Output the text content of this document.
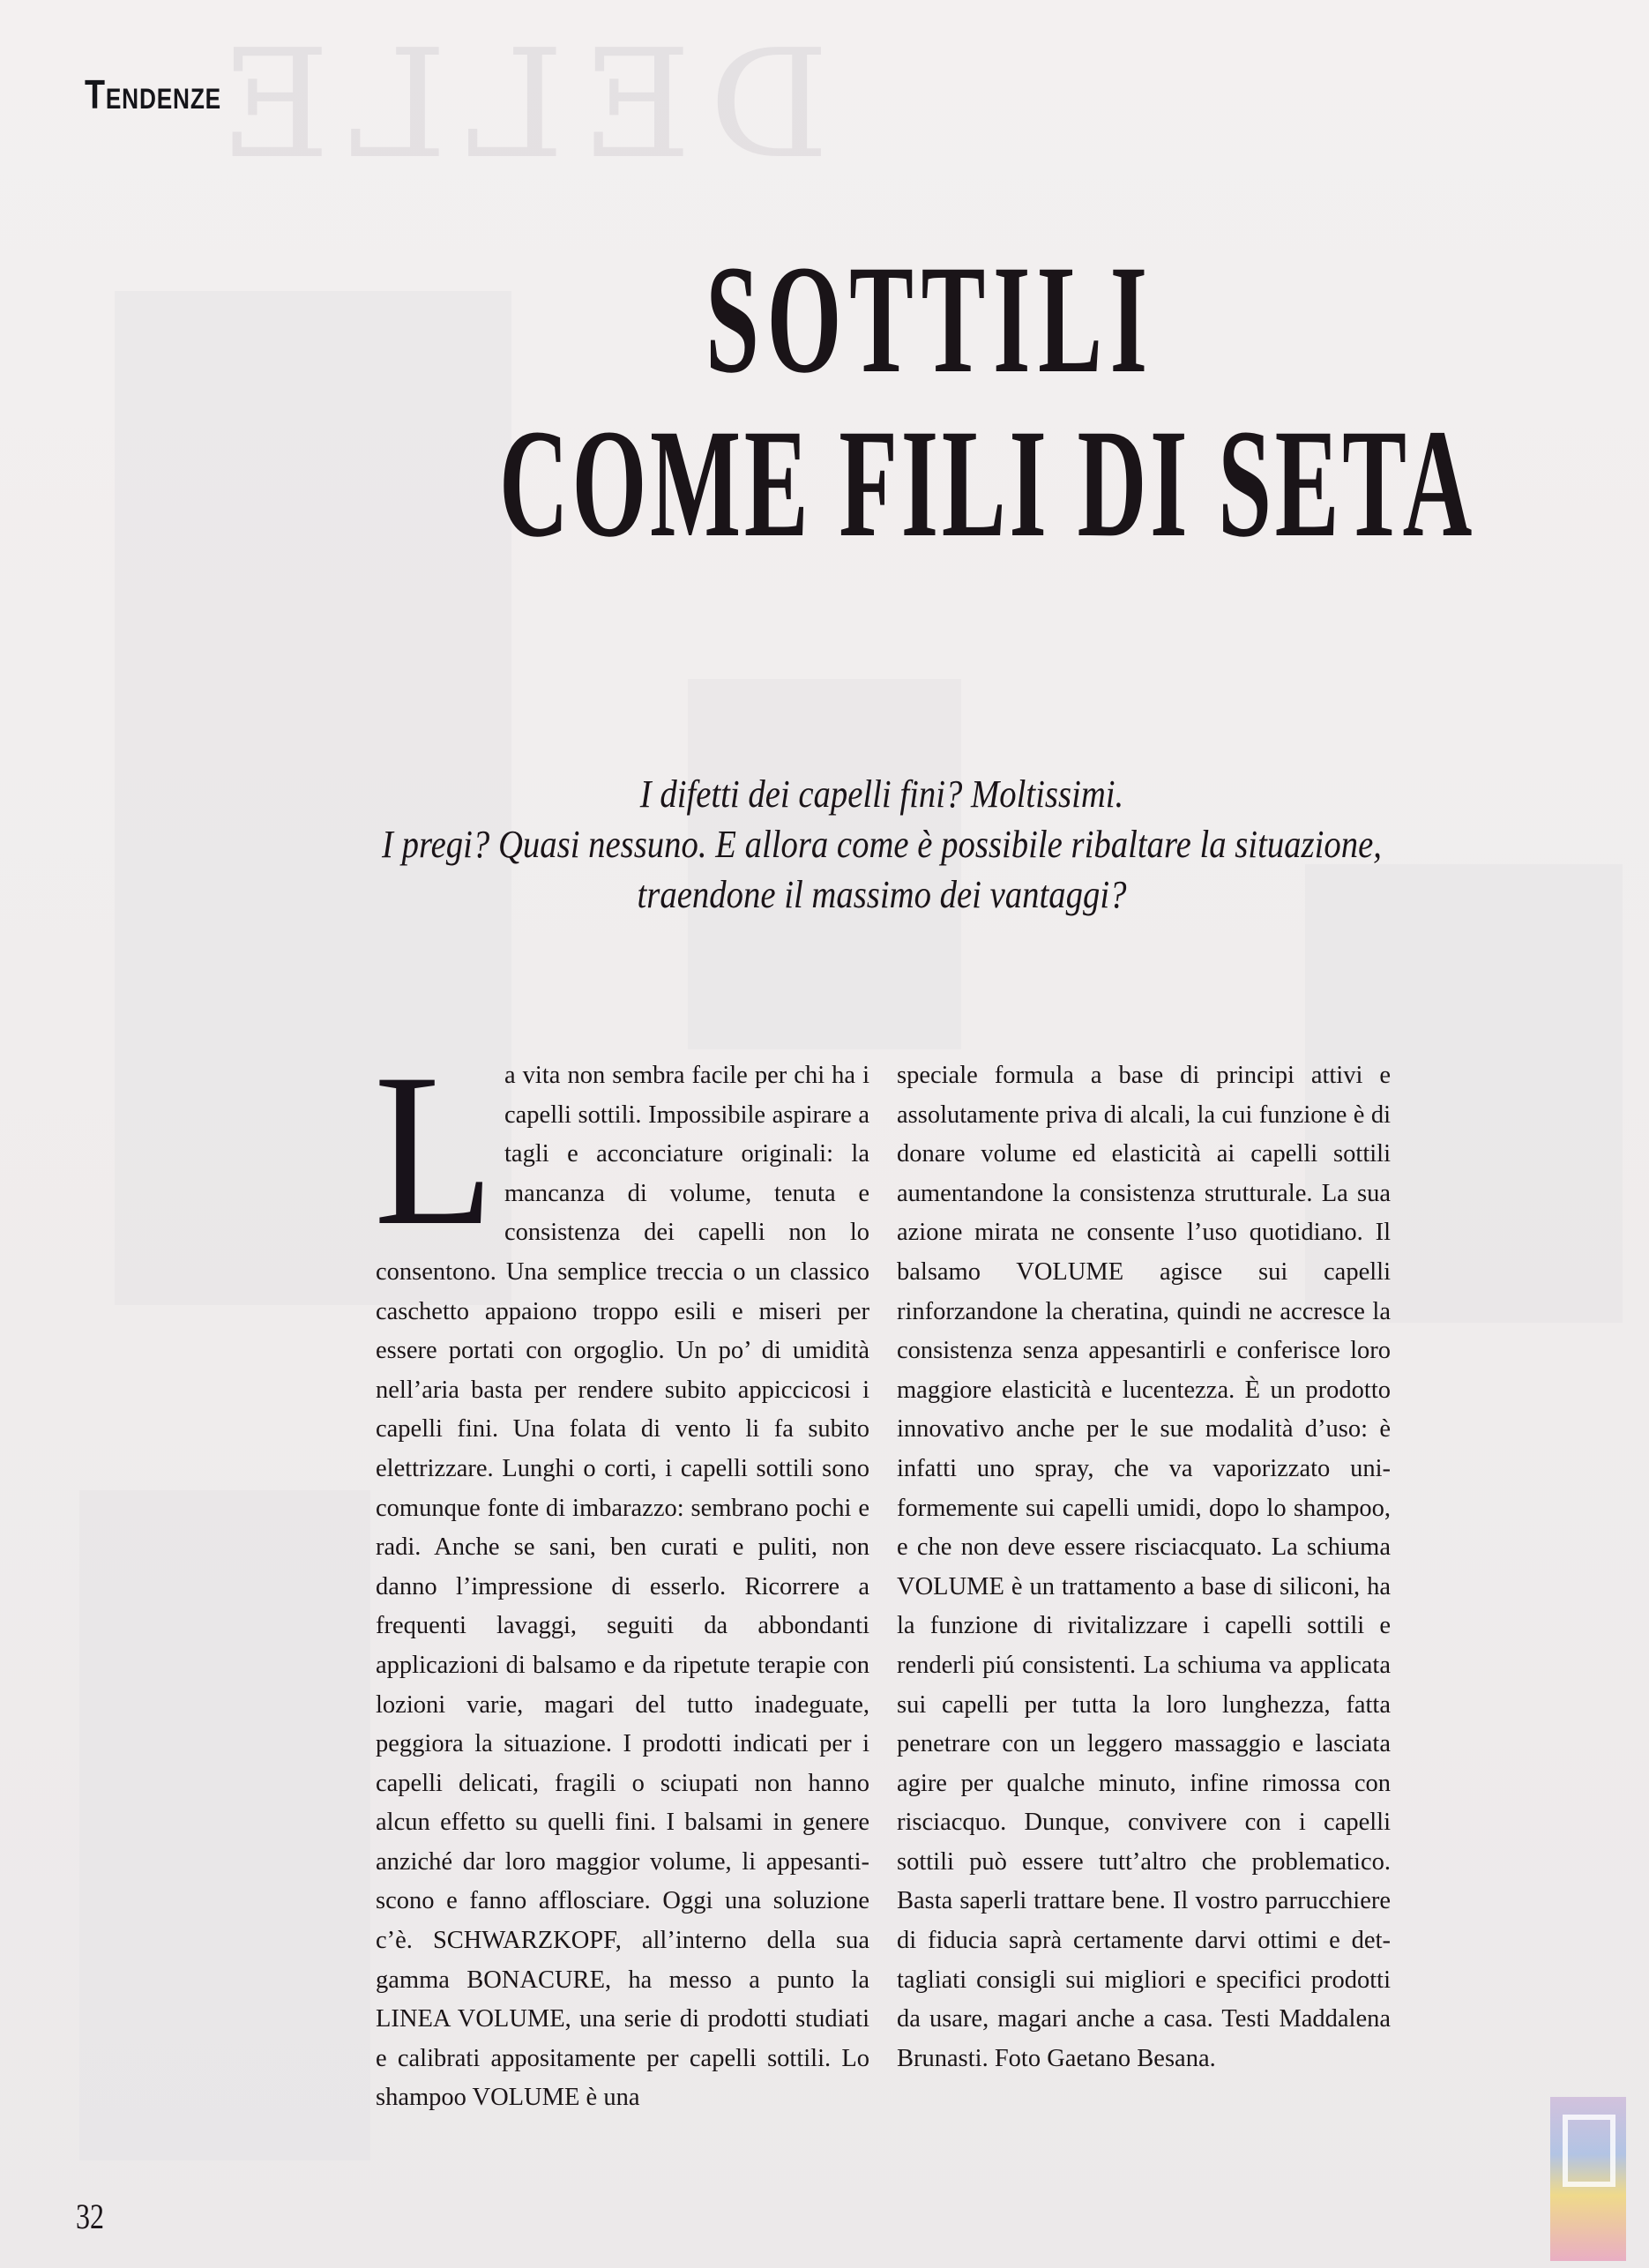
DELLE
Tendenze
SOTTILI
COME FILI DI SETA
I difetti dei capelli fini? Moltissimi.
I pregi? Quasi nessuno. E allora come è possibile ribaltare la situazione,
traendone il massimo dei vantaggi?
L a vita non sembra facile per chi ha i capelli sottili. Impossibile aspirare a tagli e acconciature originali: la mancanza di volume, tenuta e consistenza dei capelli non lo consentono. Una semplice treccia o un classico caschetto appaiono troppo esili e miseri per essere portati con orgoglio. Un po’ di umidità nell’aria basta per rendere subito appiccicosi i capelli fini. Una folata di vento li fa subito elettrizzare. Lunghi o corti, i capelli sottili sono comunque fonte di imbarazzo: sembrano pochi e radi. Anche se sani, ben curati e puliti, non danno l’impressione di esserlo. Ricorrere a frequenti lavaggi, seguiti da abbondanti applicazioni di balsamo e da ripetute terapie con lozioni varie, magari del tutto inadeguate, peggiora la situazione. I prodotti indicati per i capelli delicati, fragili o sciupati non hanno alcun effetto su quelli fini. I balsami in genere anziché dar loro maggior volume, li appesantiscono e fanno afflosciare. Oggi una soluzione c’è. SCHWARZKOPF, all’interno della sua gamma BONACURE, ha messo a punto la LINEA VOLUME, una serie di prodotti studiati e calibrati appositamente per capelli sottili. Lo shampoo VOLUME è una

speciale formula a base di principi attivi e assolutamente priva di alcali, la cui funzione è di donare volume ed elasticità ai capelli sottili aumentandone la consistenza strutturale. La sua azione mirata ne consente l’uso quotidiano. Il balsamo VOLUME agisce sui capelli rinforzandone la cheratina, quindi ne accresce la consistenza senza appesantirli e conferisce loro maggiore elasticità e lucentezza. È un prodotto innovativo anche per le sue modalità d’uso: è infatti uno spray, che va vaporizzato uniformemente sui capelli umidi, dopo lo shampoo, e che non deve essere risciacquato. La schiuma VOLUME è un trattamento a base di siliconi, ha la funzione di rivitalizzare i capelli sottili e renderli piú consistenti. La schiuma va applicata sui capelli per tutta la loro lunghezza, fatta penetrare con un leggero massaggio e lasciata agire per qualche minuto, infine rimossa con risciacquo. Dunque, convivere con i capelli sottili può essere tutt’altro che problematico. Basta saperli trattare bene. Il vostro parrucchiere di fiducia saprà certamente darvi ottimi e dettagliati consigli sui migliori e specifici prodotti da usare, magari anche a casa. Testi Maddalena Brunasti. Foto Gaetano Besana.

32
